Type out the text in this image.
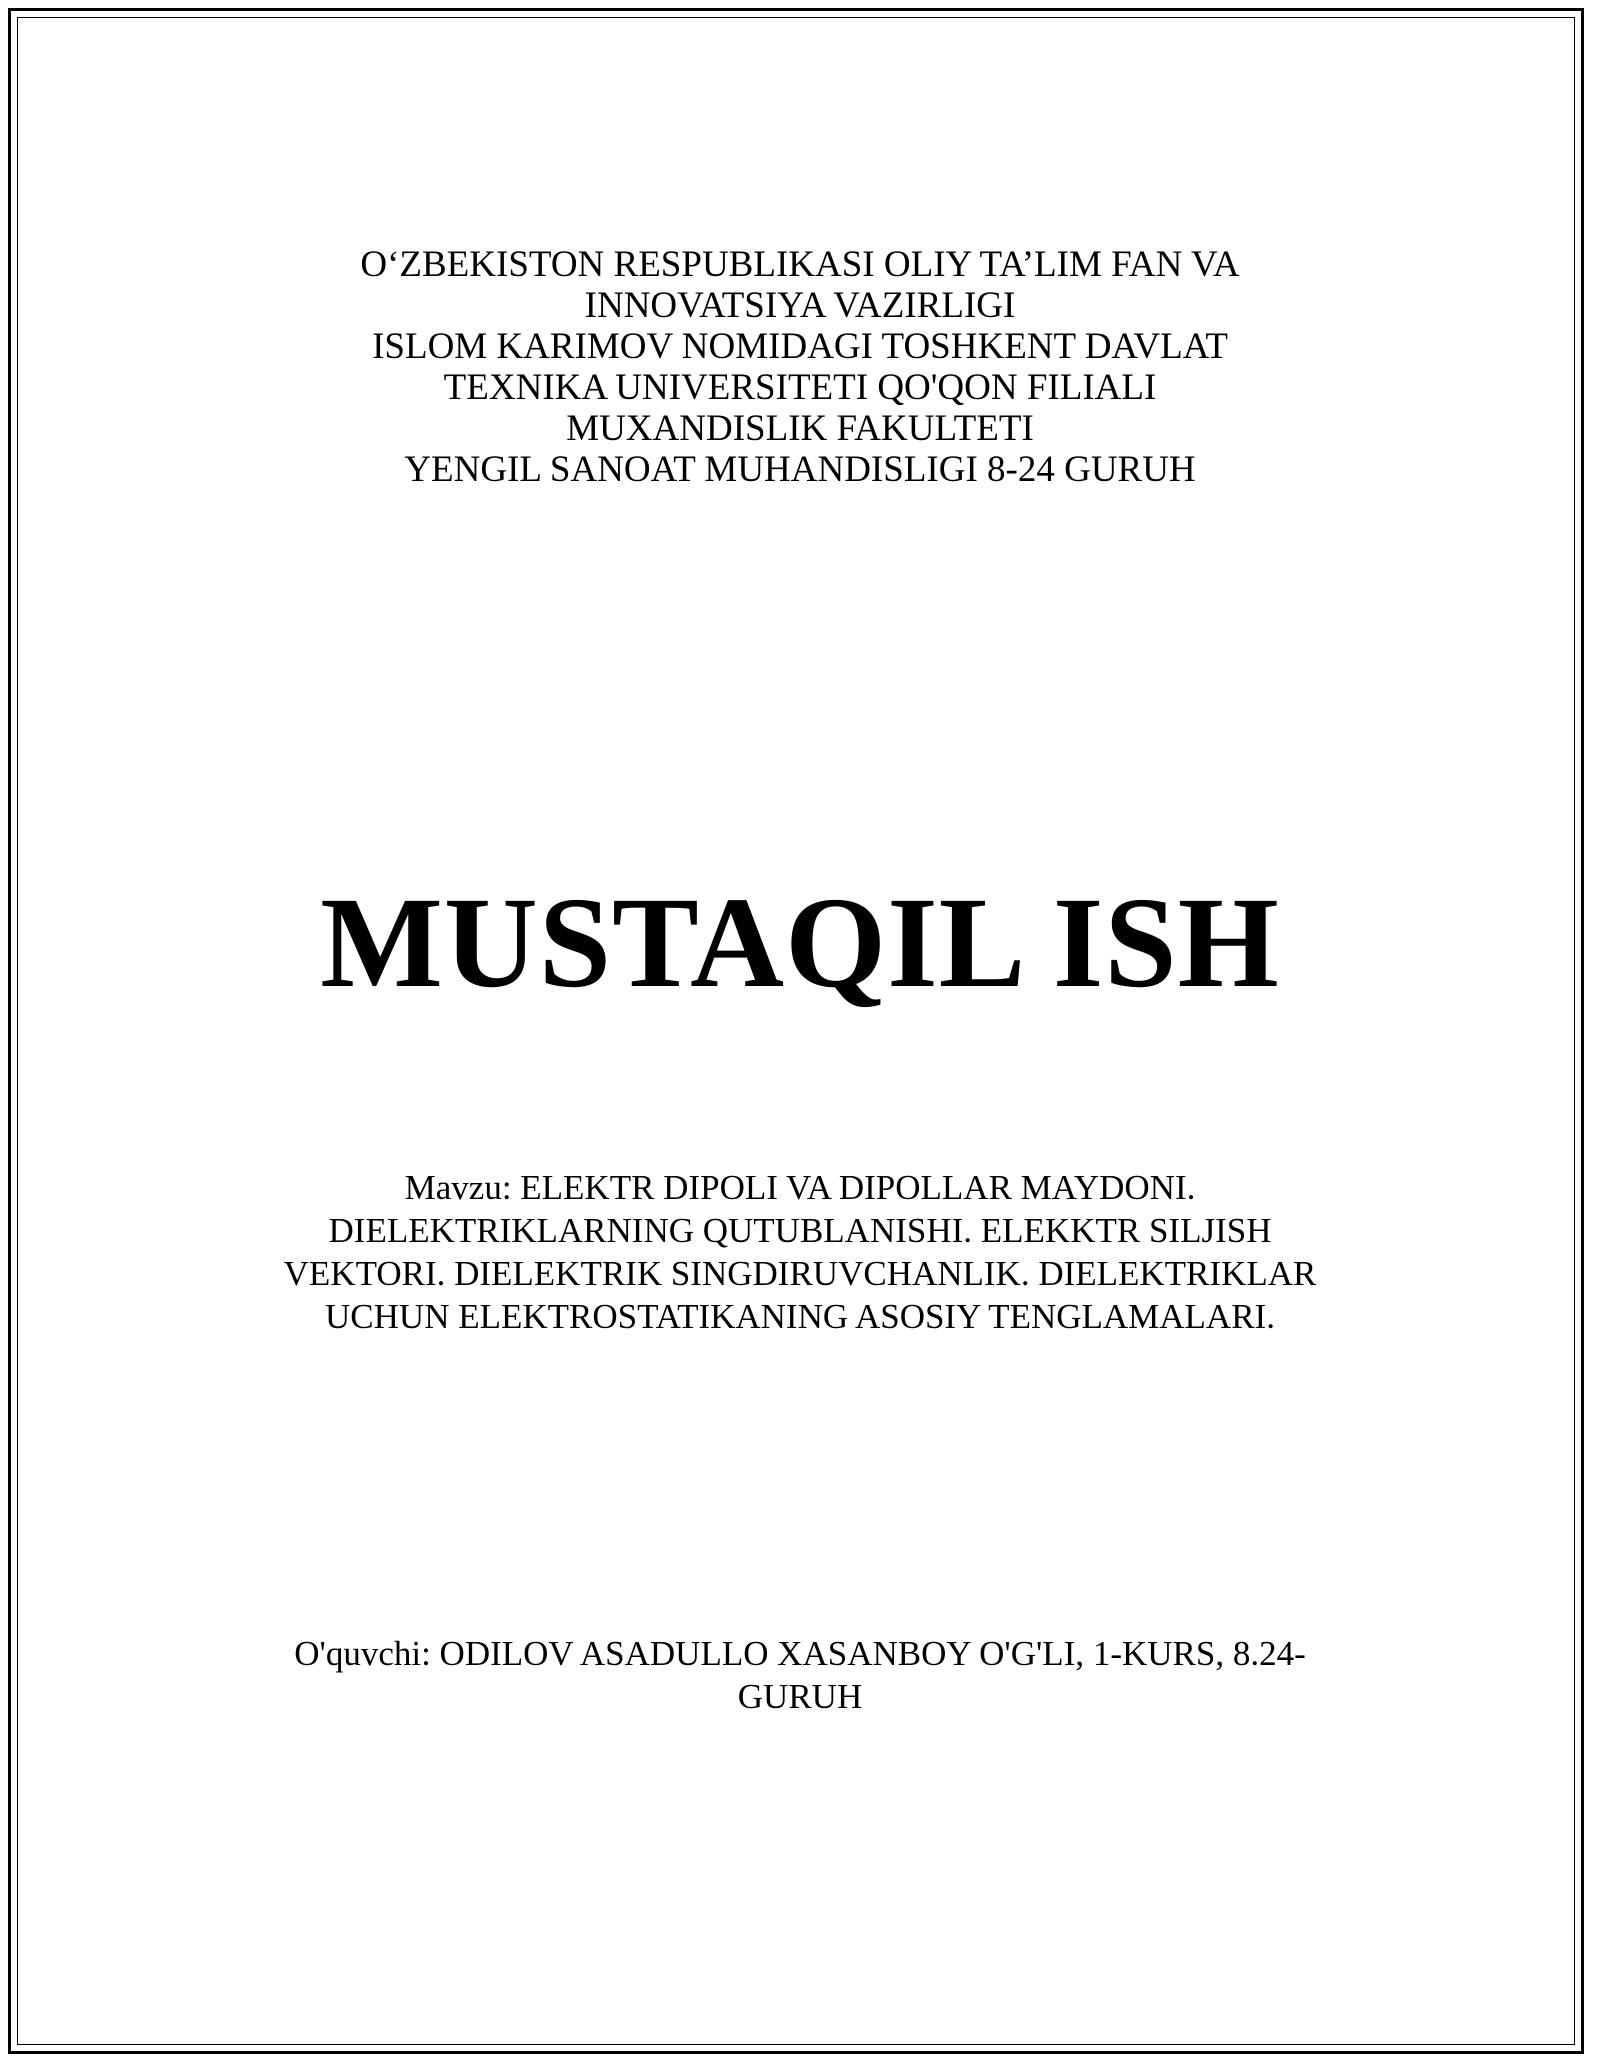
O‘ZBEKISTON RESPUBLIKASI OLIY TA’LIM FAN VA
INNOVATSIYA VAZIRLIGI
ISLOM KARIMOV NOMIDAGI TOSHKENT DAVLAT
TEXNIKA UNIVERSITETI QO'QON FILIALI
MUXANDISLIK FAKULTETI
YENGIL SANOAT MUHANDISLIGI 8-24 GURUH
MUSTAQIL ISH
Mavzu: ELEKTR DIPOLI VA DIPOLLAR MAYDONI.
DIELEKTRIKLARNING QUTUBLANISHI. ELEKKTR SILJISH
VEKTORI. DIELEKTRIK SINGDIRUVCHANLIK. DIELEKTRIKLAR
UCHUN ELEKTROSTATIKANING ASOSIY TENGLAMALARI.
O'quvchi: ODILOV ASADULLO XASANBOY O'G'LI, 1-KURS, 8.24-
GURUH
